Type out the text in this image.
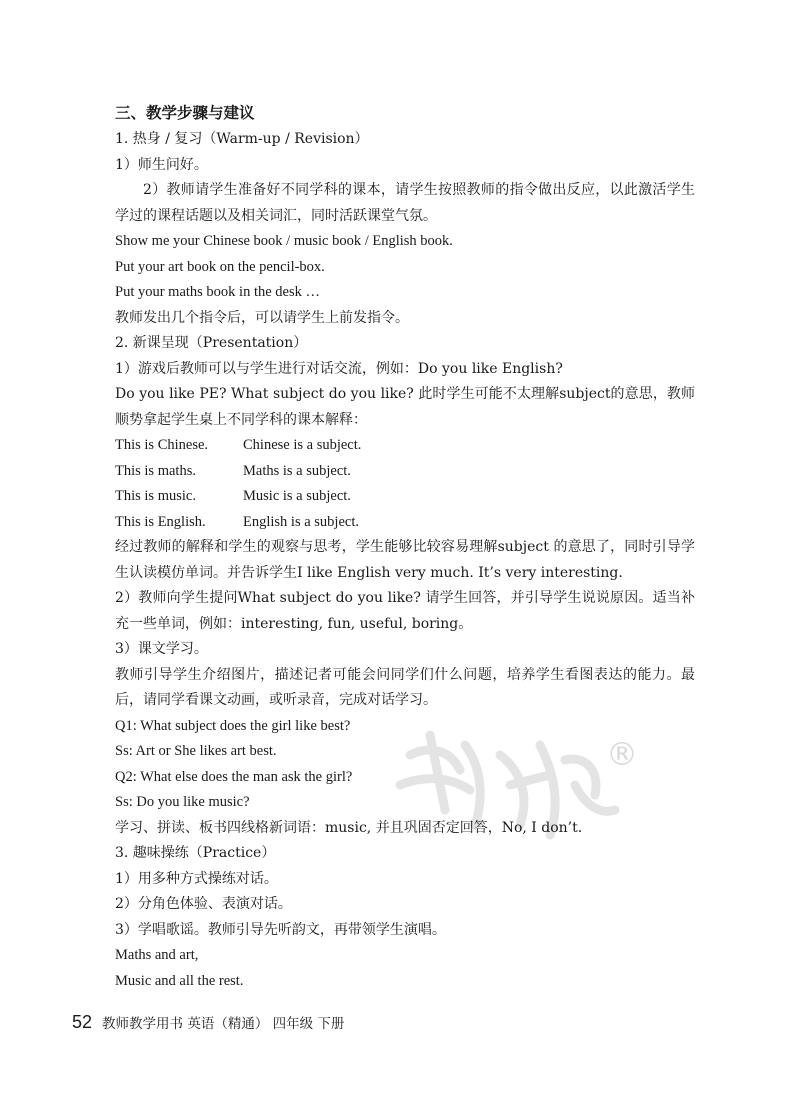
三、教学步骤与建议
1. 热身 / 复习（Warm-up / Revision）
1）师生问好。
2）教师请学生准备好不同学科的课本，请学生按照教师的指令做出反应，以此激活学生学过的课程话题以及相关词汇，同时活跃课堂气氛。
Show me your Chinese book / music book / English book.
Put your art book on the pencil-box.
Put your maths book in the desk …
教师发出几个指令后，可以请学生上前发指令。
2. 新课呈现（Presentation）
1）游戏后教师可以与学生进行对话交流，例如：Do you like English?
Do you like PE? What subject do you like? 此时学生可能不太理解subject的意思，教师顺势拿起学生桌上不同学科的课本解释：
This is Chinese.	Chinese is a subject.
This is maths.	Maths is a subject.
This is music.	Music is a subject.
This is English.	English is a subject.
经过教师的解释和学生的观察与思考，学生能够比较容易理解subject 的意思了，同时引导学生认读模仿单词。并告诉学生I like English very much. It’s very interesting.
2）教师向学生提问What subject do you like? 请学生回答，并引导学生说说原因。适当补充一些单词，例如：interesting, fun, useful, boring。
3）课文学习。
教师引导学生介绍图片，描述记者可能会问同学们什么问题，培养学生看图表达的能力。最后，请同学看课文动画，或听录音，完成对话学习。
Q1: What subject does the girl like best?
Ss: Art or She likes art best.
Q2: What else does the man ask the girl?
Ss: Do you like music?
学习、拼读、板书四线格新词语：music, 并且巩固否定回答，No, I don’t.
3. 趣味操练（Practice）
1）用多种方式操练对话。
2）分角色体验、表演对话。
3）学唱歌谣。教师引导先听韵文，再带领学生演唱。
Maths and art,
Music and all the rest.
®
52 教师教学用书 英语（精通） 四年级 下册
